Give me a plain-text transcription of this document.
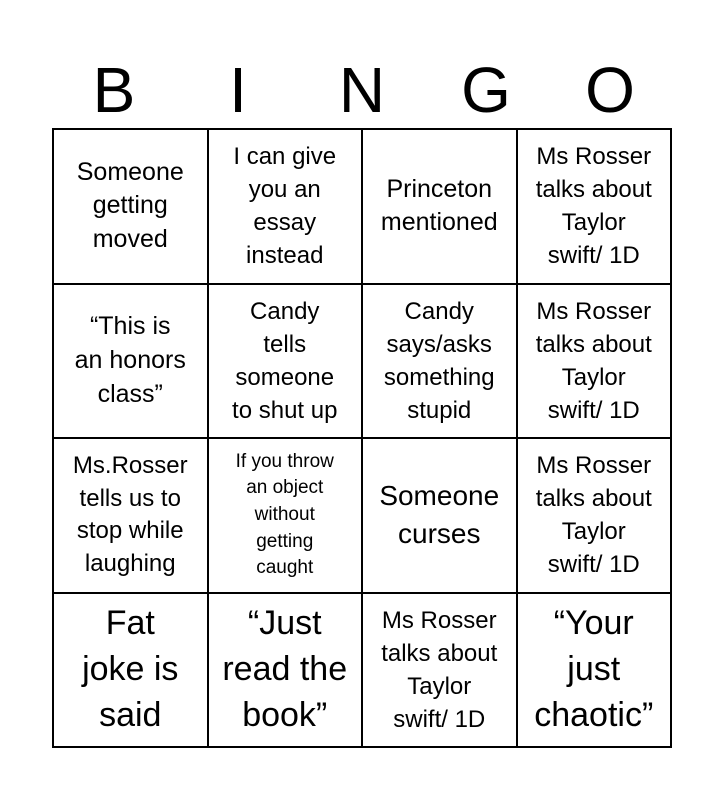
B	I	N	G	O
Someone
getting
moved
I can give
you an
essay
instead
Princeton
mentioned
Ms Rosser
talks about
Taylor
swift/ 1D
“This is
an honors
class”
Candy
tells
someone
to shut up
Candy
says/asks
something
stupid
Ms Rosser
talks about
Taylor
swift/ 1D
Ms.Rosser
tells us to
stop while
laughing
If you throw
an object
without
getting
caught
Someone
curses
Ms Rosser
talks about
Taylor
swift/ 1D
Fat
joke is
said
“Just
read the
book”
Ms Rosser
talks about
Taylor
swift/ 1D
“Your
just
chaotic”
